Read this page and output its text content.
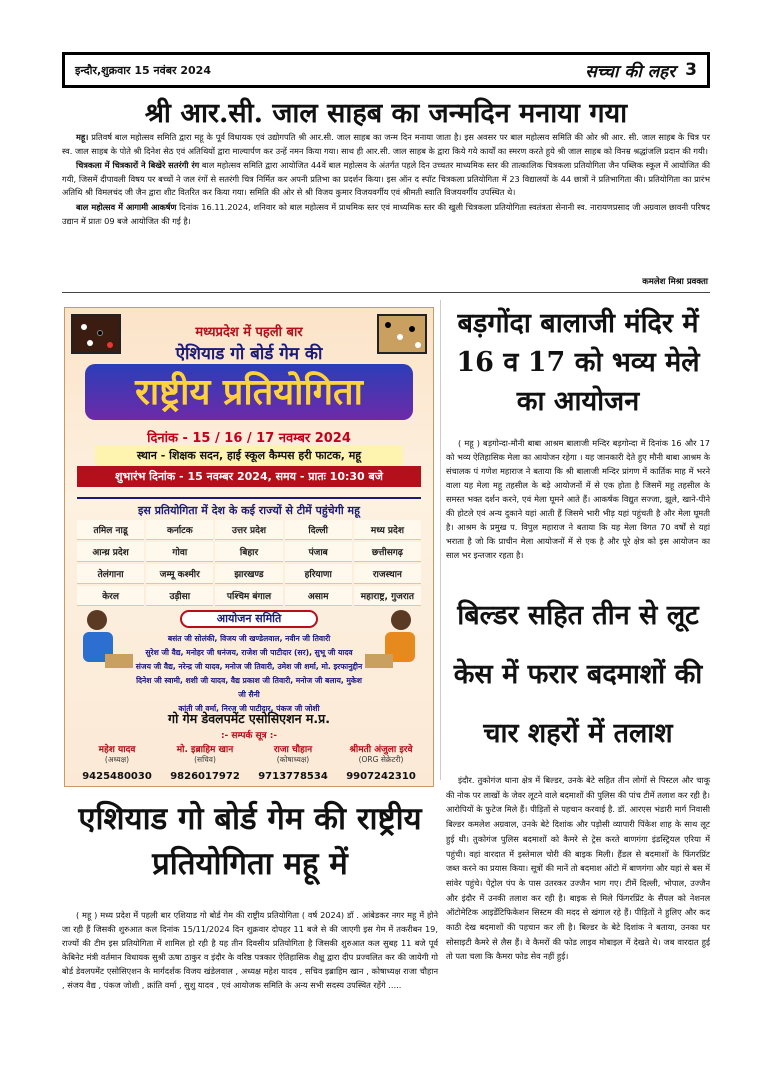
इन्दौर,शुक्रवार 15 नवंबर 2024	सच्चा की लहर 3
श्री आर.सी. जाल साहब का जन्मदिन मनाया गया

महू। प्रतिवर्ष बाल महोत्सव समिति द्वारा महू के पूर्व विधायक एवं उद्योगपति श्री आर.सी. जाल साहब का जन्म दिन मनाया जाता है। इस अवसर पर बाल महोत्सव समिति की ओर श्री आर. सी. जाल साहब के चित्र पर स्व. जाल साहब के पोते श्री दिनेश सेठ एवं अतिथियों द्वारा माल्यार्पण कर उन्हें नमन किया गया। साथ ही आर.सी. जाल साहब के द्वारा किये गये कार्यों का स्मरण करते हुये श्री जाल साहब को विनम्र श्रद्धांजलि प्रदान की गयी।

चित्रकला में चित्रकारों ने बिखेरे सतरंगी रंग बाल महोत्सव समिति द्वारा आयोजित 44वें बाल महोत्सव के अंतर्गत पहले दिन उच्चतर माध्यमिक स्तर की तात्कालिक चित्रकला प्रतियोगिता जैन पब्लिक स्कूल में आयोजित की गयी, जिसमें दीपावली विषय पर बच्चों ने जल रंगों से सतरंगी चित्र निर्मित कर अपनी प्रतिभा का प्रदर्शन किया। इस ऑन द स्पॉट चित्रकला प्रतियोगिता में 23 विद्यालयों के 44 छात्रों ने प्रतिभागिता की। प्रतियोगिता का प्रारंभ अतिथि श्री विमलचंद जी जैन द्वारा शीट वितरित कर किया गया। समिति की ओर से श्री विजय कुमार विजयवर्गीय एवं श्रीमती स्वाति विजयवर्गीय उपस्थित थे।

बाल महोत्सव में आगामी आकर्षण दिनांक 16.11.2024, शनिवार को बाल महोत्सव में प्राथमिक स्तर एवं माध्यमिक स्तर की खुली चित्रकला प्रतियोगिता स्वतंत्रता सेनानी स्व. नारायणप्रसाद जी अग्रवाल छावनी परिषद उद्यान में प्रातः 09 बजे आयोजित की गई है।

कमलेश मिश्रा प्रवक्ता
मध्यप्रदेश में पहली बार
ऐशियाड गो बोर्ड गेम की
राष्ट्रीय प्रतियोगिता
दिनांक - 15 / 16 / 17 नवम्बर 2024
स्थान - शिक्षक सदन, हाई स्कूल कैम्पस हरी फाटक, महू
शुभारंभ दिनांक - 15 नवम्बर 2024, समय - प्रातः 10:30 बजे
इस प्रतियोगिता में देश के कई राज्यों से टीमें पहुंचेगी महू
तमिल नाडू	कर्नाटक	उत्तर प्रदेश	दिल्ली	मध्य प्रदेश
आन्ध्र प्रदेश	गोवा	बिहार	पंजाब	छत्तीसगढ़
तेलंगाना	जम्मू कश्मीर	झारखण्ड	हरियाणा	राजस्थान
केरल	उड़ीसा	पश्चिम बंगाल	असाम	महाराष्ट्र, गुजरात
आयोजन समिति
बसंत जी सोलंकी, विजय जी खण्डेलवाल, नवीन जी तिवारी
सुरेश जी वैद्य, मनोहर जी धनंजय, राजेश जी पाटीदार (सर), सुभू जी यादव
संजय जी वैद्य, नरेन्द्र जी यादव, मनोज जी तिवारी, उमेश जी शर्मा, मो. इरफानुद्दीन
दिनेश जी स्वामी, शशी जी यादव, वैद्य प्रकाश जी तिवारी, मनोज जी बलाय, मुकेश जी सैनी
कांती जी वर्मा, निरज जी पाटीदार, पंकज जी जोशी
गो गेम डेवलपमेंट एसोसिएशन म.प्र.
:- सम्पर्क सूत्र :-
महेश यादव
(अध्यक्ष)
9425480030
मो. इब्राहिम खान
(सचिव)
9826017972
राजा चौहान
(कोषाध्यक्ष)
9713778534
श्रीमती अंजुला इरवे
(ORG सेक्रेटरी)
9907242310
एशियाड गो बोर्ड गेम की राष्ट्रीय प्रतियोगिता महू में
( महू ) मध्य प्रदेश में पहली बार एशियाड गो बोर्ड गेम की राष्ट्रीय प्रतियोगिता ( वर्ष 2024) डॉ . आंबेडकर नगर महू में होने जा रही हैं जिसकी शुरुआत कल दिनांक 15/11/2024 दिन शुक्रवार दोपहर 11 बजे से की जाएगी इस गेम में तकरीबन 19, राज्यों की टीम इस प्रतियोगिता में शामिल हो रही है यह तीन दिवसीय प्रतियोगिता है जिसकी शुरुआत कल सुबह 11 बजे पूर्व केबिनेट मंत्री वर्तमान विधायक सुश्री ऊषा ठाकुर व इंदौर के वरिष्ठ पत्रकार ऐतिहासिक शैक्षु द्वारा दीप प्रज्वलित कर की जायेगी गो बोर्ड डेवलपमेंट एसोसिएशन के मार्गदर्शक विजय खंडेलवाल , अध्यक्ष महेश यादव , सचिव इब्राहिम खान , कोषाध्यक्ष राजा चौहान , संजय वैद्य , पंकज जोशी , क्रांति वर्मा , सुशु यादव , एवं आयोजक समिति के अन्य सभी सदस्य उपस्थित रहेंगे .....
बड़गोंदा बालाजी मंदिर में 16 व 17 को भव्य मेले का आयोजन
( महू ) बड़गोन्दा-मौनी बाबा आश्रम बालाजी मन्दिर बड़गोन्दा में दिनांक 16 और 17 को भव्य ऐतिहासिक मेला का आयोजन रहेगा । यह जानकारी देते हुए मौनी बाबा आश्रम के संचालक पं गणेश महाराज ने बताया कि श्री बालाजी मन्दिर प्रांगण में कार्तिक माह में भरने वाला यह मेला महू तहसील के बड़े आयोजनों में से एक होता है जिसमें महू तहसील के समस्त भक्त दर्शन करने, एवं मेला घूमने आते हैं। आकर्षक विद्युत सज्जा, झूले, खाने-पीने की होटले एवं अन्य दुकाने यहां आती हैं जिसमे भारी भीड़ यहां पहुंचती है और मेला घूमती है। आश्रम के प्रमुख प. विपुल महाराज ने बताया कि यह मेला विगत 70 वर्षों से यहां भराता है जो कि प्राचीन मेला आयोजनों में से एक है और पूरे क्षेत्र को इस आयोजन का साल भर इन्तजार रहता है।
बिल्डर सहित तीन से लूट केस में फरार बदमाशों की चार शहरों में तलाश
इंदौर. तुकोगंज थाना क्षेत्र में बिल्डर, उनके बेटे सहित तीन लोगों से पिस्टल और चाकू की नोक पर लाखों के जेवर लूटने वाले बदमाशों की पुलिस की पांच टीमें तलाश कर रही है। आरोपियों के फुटेज मिले हैं। पीड़ितों से पहचान करवाई है. डॉ. आरएस भंडारी मार्ग निवासी बिल्डर कमलेश अग्रवाल, उनके बेटे दिशांक और पड़ोसी व्यापारी पिंकेश शाह के साथ लूट हुई थी। तुकोगंज पुलिस बदमाशों को कैमरे से ट्रेस करते बाणगंगा इंडस्ट्रियल एरिया में पहुंची। वहां वारदात में इस्तेमाल चोरी की बाइक मिली। हैंडल से बदमाशों के फिंगरप्रिंट जब्त करने का प्रयास किया। सूत्रों की मानें तो बदमाश ऑटो में बाणगंगा और यहां से बस में सांवेर पहुंचे। पेट्रोल पंप के पास उतरकर उज्जैन भाग गए। टीमें दिल्ली, भोपाल, उज्जैन और इंदौर में उनकी तलाश कर रही है। बाइक से मिले फिंगरप्रिंट के सैंपल को नेशनल ऑटोमेटिक आइडेंटिफिकेशन सिस्टम की मदद से खंगाल रहे हैं। पीड़ितों ने हुलिए और कद काठी देख बदमाशों की पहचान कर ली है। बिल्डर के बेटे दिशांक ने बताया, उनका घर सोसाइटी कैमरे से लैस हैं। वे कैमरों की फोड लाइव मोबाइल में देखते थे। जब वारदात हुई तो पता चला कि कैमरा फोड सेव नहीं हुई।
